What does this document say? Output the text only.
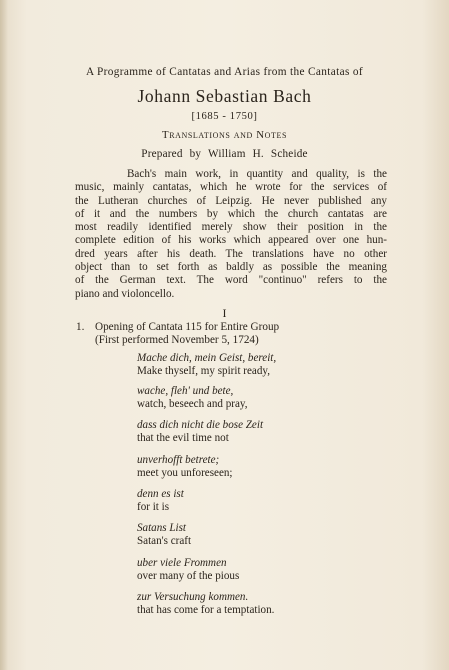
A Programme of Cantatas and Arias from the Cantatas of
Johann Sebastian Bach
[1685 - 1750]
Translations and Notes
Prepared by William H. Scheide
Bach's main work, in quantity and quality, is the
music, mainly cantatas, which he wrote for the services of
the Lutheran churches of Leipzig. He never published any
of it and the numbers by which the church cantatas are
most readily identified merely show their position in the
complete edition of his works which appeared over one hun-
dred years after his death. The translations have no other
object than to set forth as baldly as possible the meaning
of the German text. The word "continuo" refers to the
piano and violoncello.
I
1. Opening of Cantata 115 for Entire Group
(First performed November 5, 1724)
Mache dich, mein Geist, bereit,
Make thyself, my spirit ready,
wache, fleh' und bete,
watch, beseech and pray,
dass dich nicht die bose Zeit
that the evil time not
unverhofft betrete;
meet you unforeseen;
denn es ist
for it is
Satans List
Satan's craft
uber viele Frommen
over many of the pious
zur Versuchung kommen.
that has come for a temptation.
